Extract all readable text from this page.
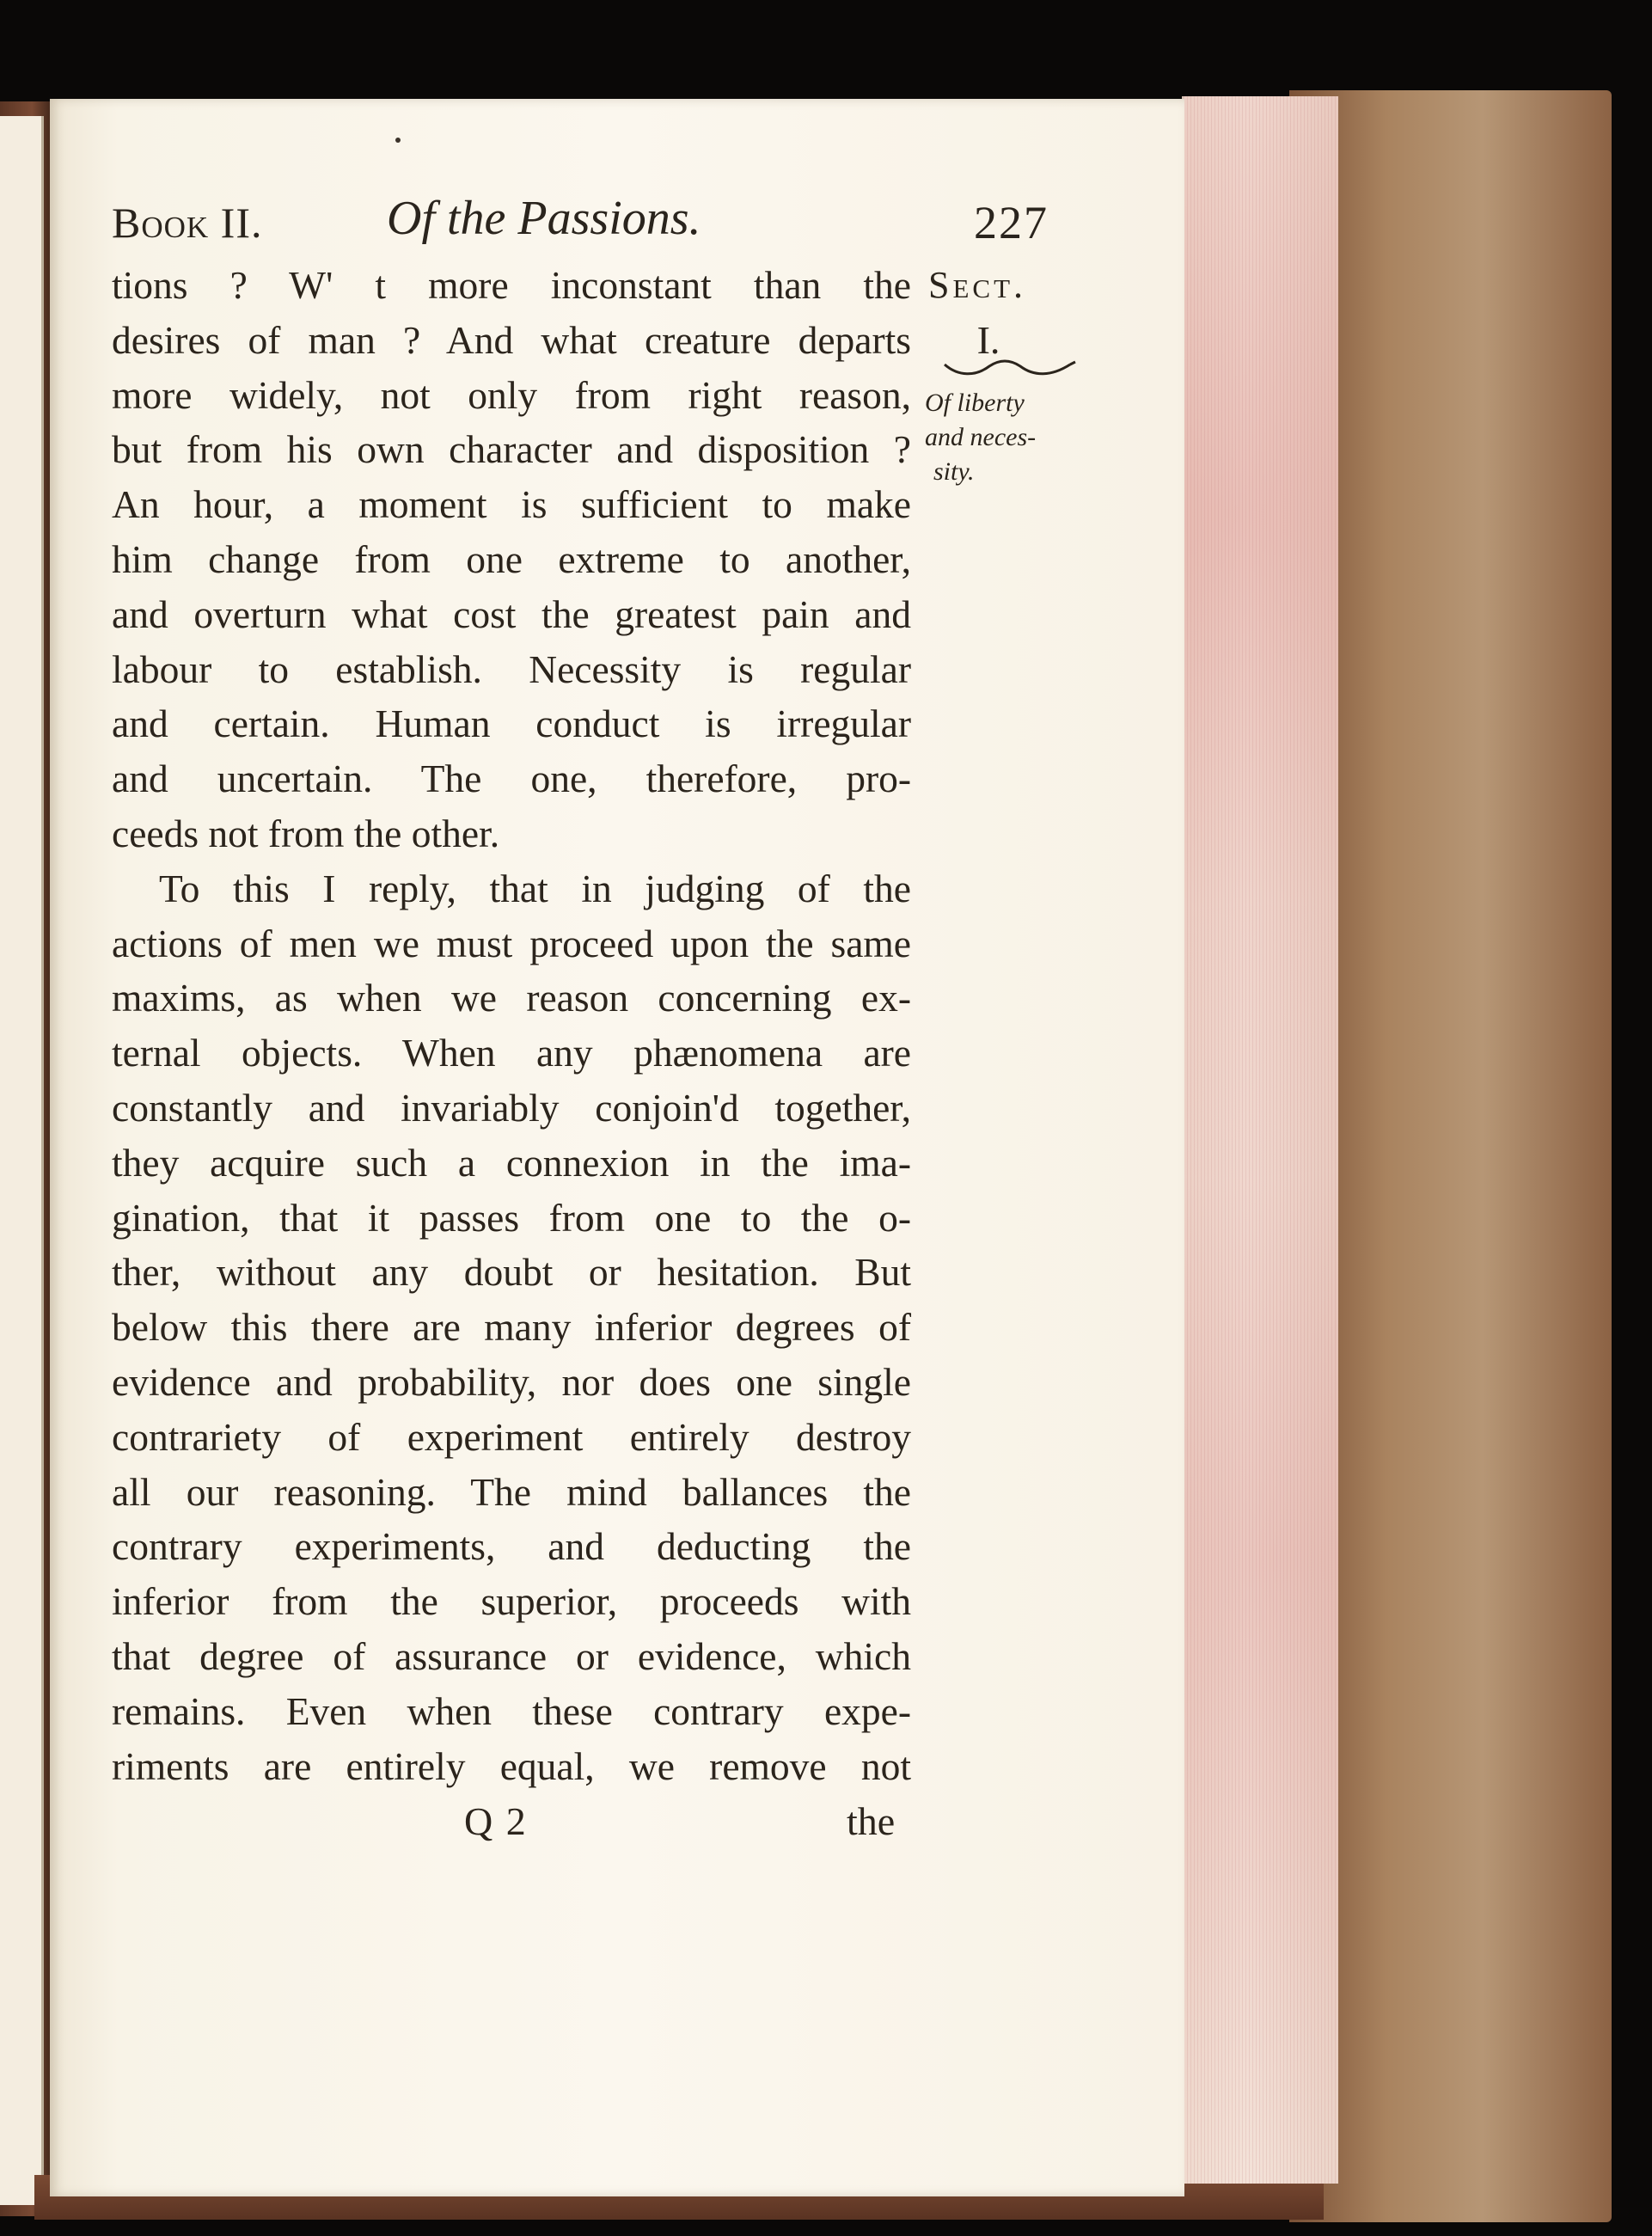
Book II.	Of the Passions.	227
tions ? W' t more inconstant than the
desires of man ? And what creature departs
more widely, not only from right reason,
but from his own character and disposition ?
An hour, a moment is sufficient to make
him change from one extreme to another,
and overturn what cost the greatest pain and
labour to establish. Necessity is regular
and certain. Human conduct is irregular
and uncertain. The one, therefore, pro-
ceeds not from the other.
To this I reply, that in judging of the
actions of men we must proceed upon the same
maxims, as when we reason concerning ex-
ternal objects. When any phænomena are
constantly and invariably conjoin'd together,
they acquire such a connexion in the ima-
gination, that it passes from one to the o-
ther, without any doubt or hesitation. But
below this there are many inferior degrees of
evidence and probability, nor does one single
contrariety of experiment entirely destroy
all our reasoning. The mind ballances the
contrary experiments, and deducting the
inferior from the superior, proceeds with
that degree of assurance or evidence, which
remains. Even when these contrary expe-
riments are entirely equal, we remove not
Sect.
I.
Of liberty
and neces-
sity.
Q 2	the
